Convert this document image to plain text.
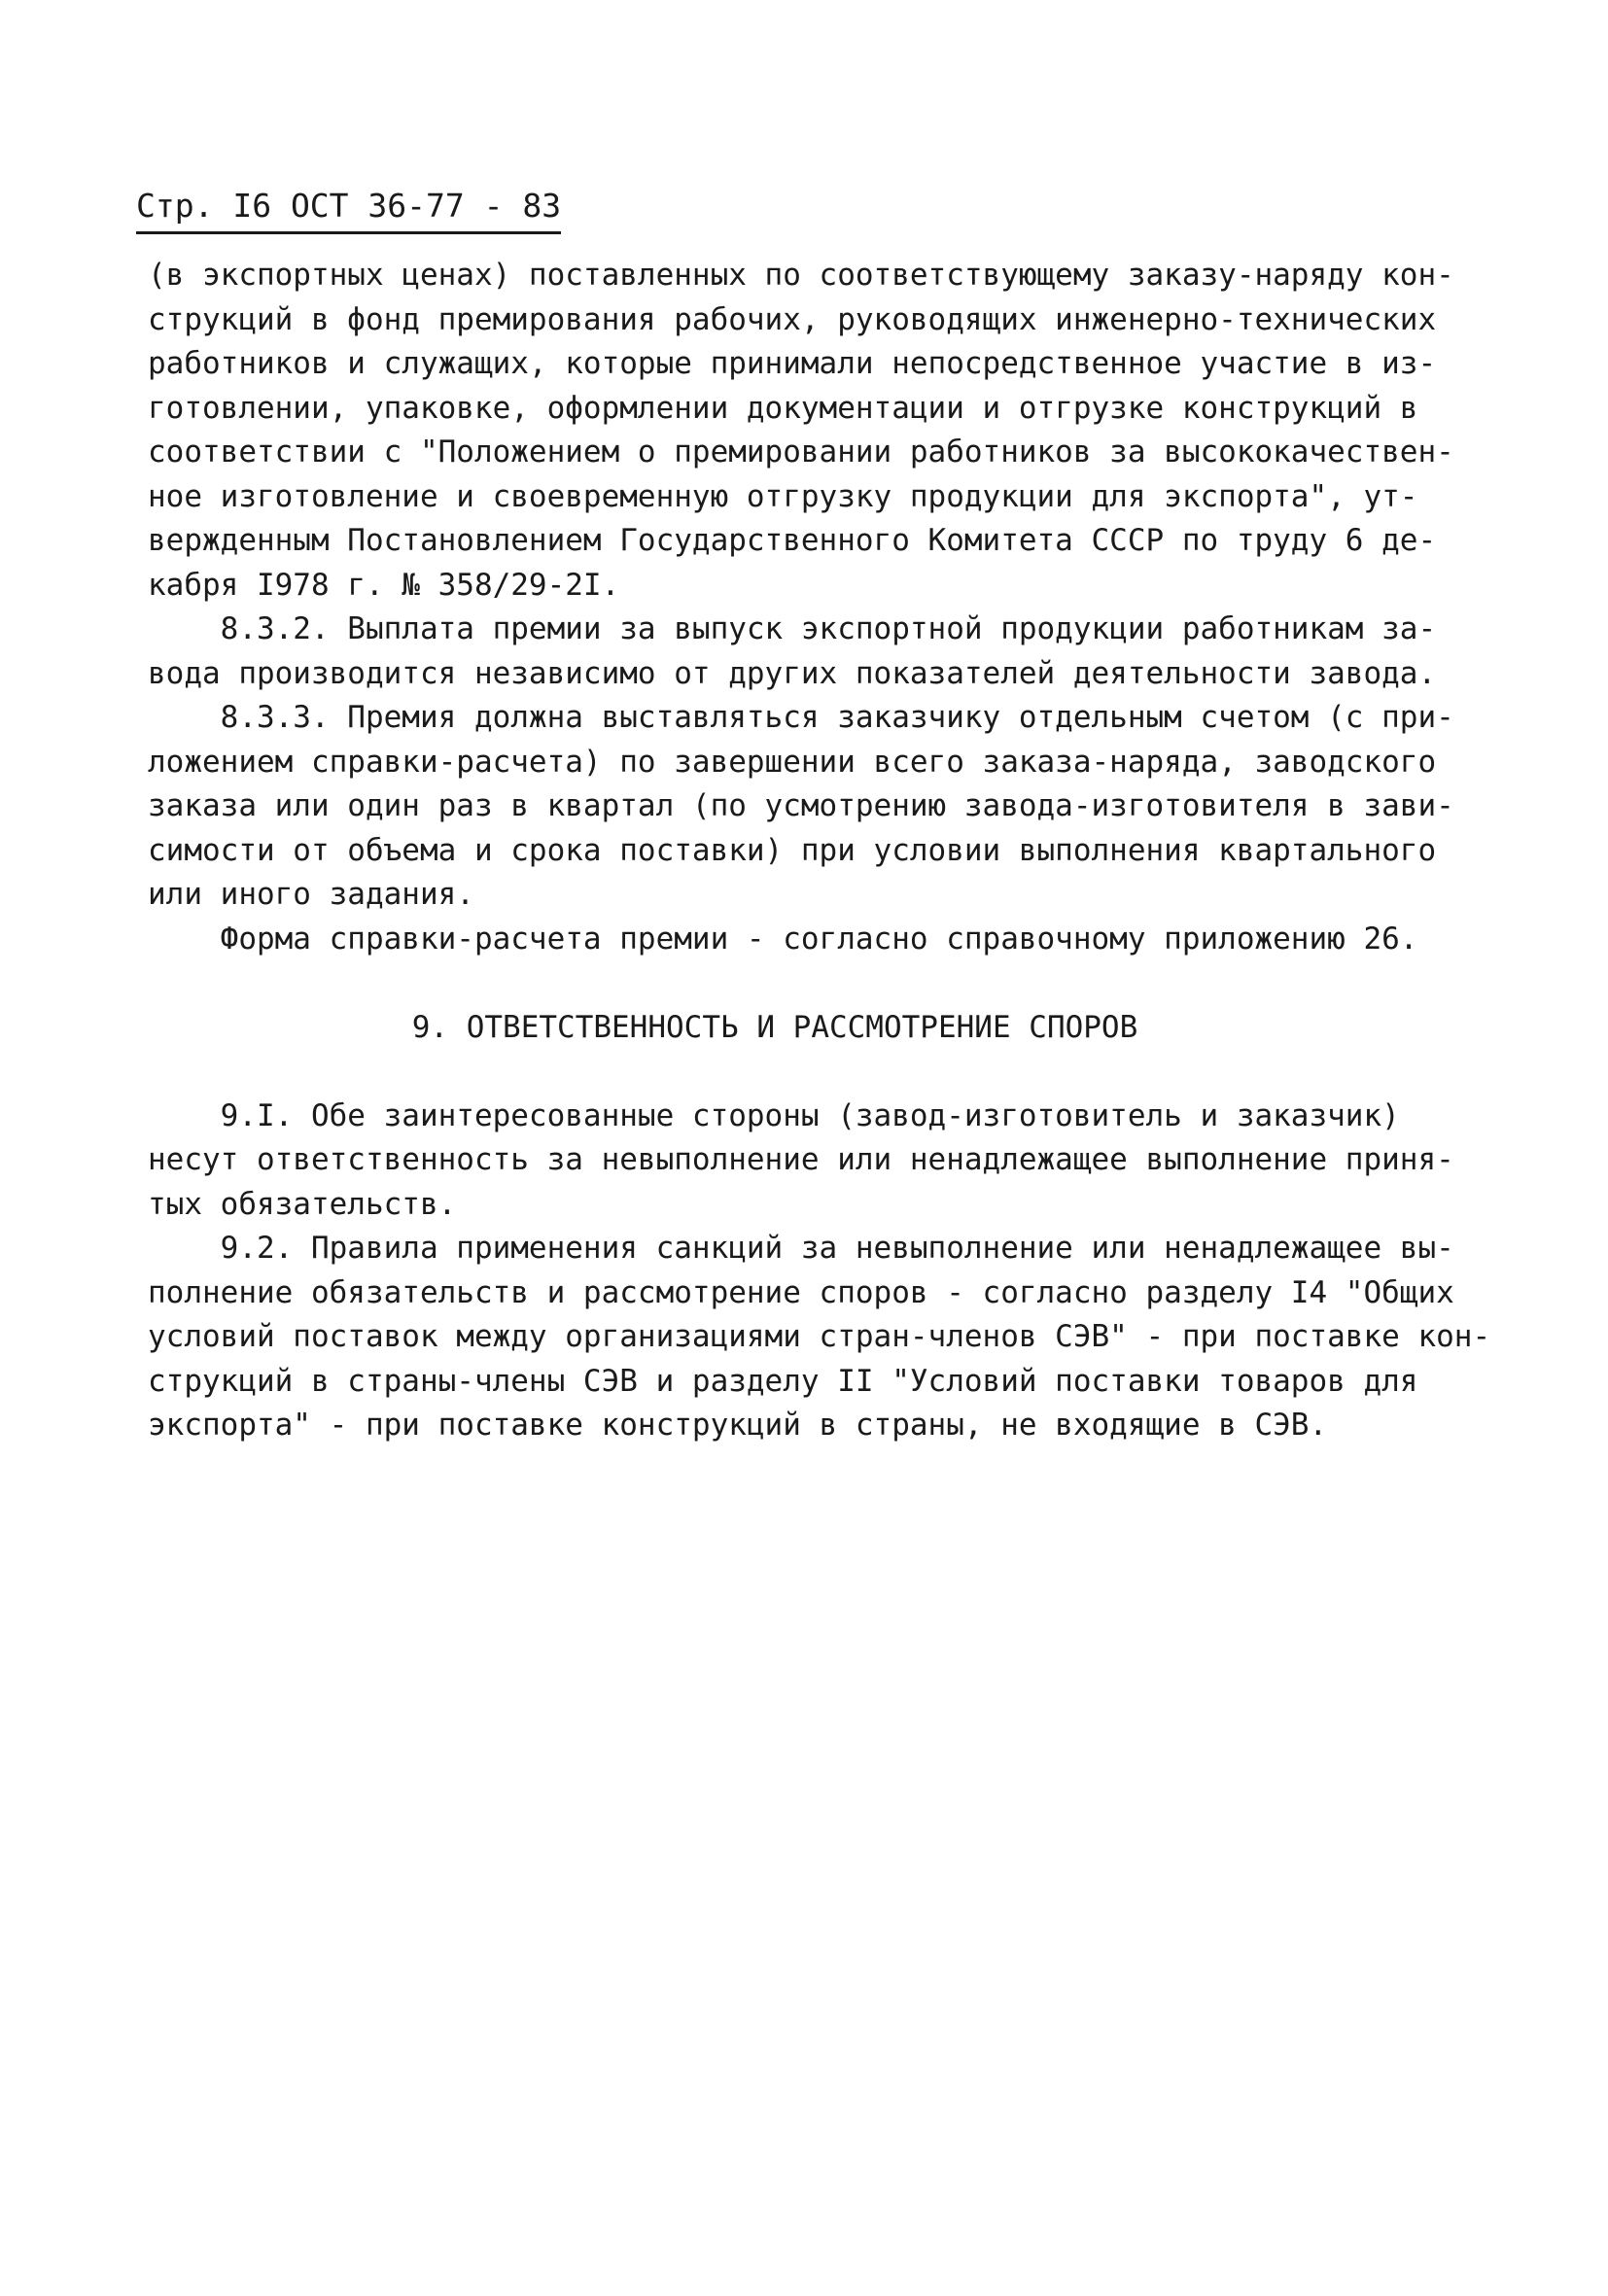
Стр. I6 ОСТ 36-77 - 83
(в экспортных ценах) поставленных по соответствующему заказу-наряду кон-
струкций в фонд премирования рабочих, руководящих инженерно-технических
работников и служащих, которые принимали непосредственное участие в из-
готовлении, упаковке, оформлении документации и отгрузке конструкций в
соответствии с "Положением о премировании работников за высококачествен-
ное изготовление и своевременную отгрузку продукции для экспорта", ут-
вержденным Постановлением Государственного Комитета СССР по труду 6 де-
кабря I978 г. № 358/29-2I.
8.3.2. Выплата премии за выпуск экспортной продукции работникам за-
вода производится независимо от других показателей деятельности завода.
8.3.3. Премия должна выставляться заказчику отдельным счетом (с при-
ложением справки-расчета) по завершении всего заказа-наряда, заводского
заказа или один раз в квартал (по усмотрению завода-изготовителя в зави-
симости от объема и срока поставки) при условии выполнения квартального
или иного задания.
Форма справки-расчета премии - согласно справочному приложению 26.
9. ОТВЕТСТВЕННОСТЬ И РАССМОТРЕНИЕ СПОРОВ
9.I. Обе заинтересованные стороны (завод-изготовитель и заказчик)
несут ответственность за невыполнение или ненадлежащее выполнение приня-
тых обязательств.
9.2. Правила применения санкций за невыполнение или ненадлежащее вы-
полнение обязательств и рассмотрение споров - согласно разделу I4 "Общих
условий поставок между организациями стран-членов СЭВ" - при поставке кон-
струкций в страны-члены СЭВ и разделу II "Условий поставки товаров для
экспорта" - при поставке конструкций в страны, не входящие в СЭВ.
